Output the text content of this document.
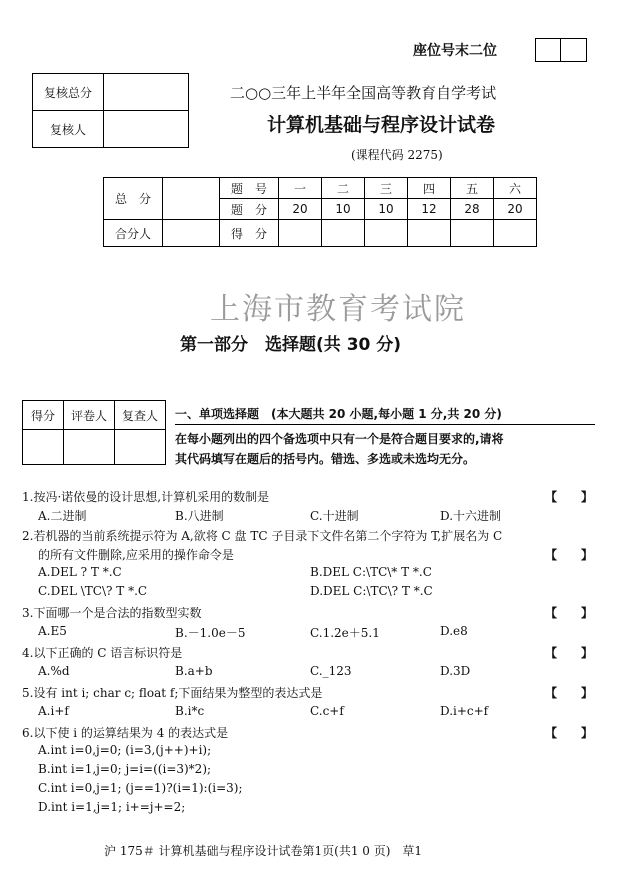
座位号末二位
复核总分	
复核人	
二○○三年上半年全国高等教育自学考试
计算机基础与程序设计试卷
(课程代码 2275)
总　分		题　号	一	二	三	四	五	六
		题　分	20	10	10	12	28	20
合分人		得　分						
上海市教育考试院
第一部分　选择题(共 30 分)
得分	评卷人	复查人
		一、单项选择题　(本大题共 20 小题,每小题 1 分,共 20 分)
在每小题列出的四个备选项中只有一个是符合题目要求的,请将
其代码填写在题后的括号内。错选、多选或未选均无分。
1.按冯·诺依曼的设计思想,计算机采用的数制是	【　　】
A.二进制	B.八进制	C.十进制	D.十六进制
2.若机器的当前系统提示符为 A,欲将 C 盘 TC 子目录下文件名第二个字符为 T,扩展名为 C
的所有文件删除,应采用的操作命令是	【　　】
A.DEL ? T *.C	B.DEL C:\TC\* T *.C
C.DEL \TC\? T *.C	D.DEL C:\TC\? T *.C
3.下面哪一个是合法的指数型实数	【　　】
A.E5	B.－1.0e－5	C.1.2e＋5.1	D.e8
4.以下正确的 C 语言标识符是	【　　】
A.%d	B.a+b	C._123	D.3D
5.设有 int i; char c; float f;下面结果为整型的表达式是	【　　】
A.i+f	B.i*c	C.c+f	D.i+c+f
6.以下使 i 的运算结果为 4 的表达式是	【　　】
A.int i=0,j=0; (i=3,(j++)+i);
B.int i=1,j=0; j=i=((i=3)*2);
C.int i=0,j=1; (j==1)?(i=1):(i=3);
D.int i=1,j=1; i+=j+=2;
沪 175＃ 计算机基础与程序设计试卷第1页(共1 0 页)　草1
